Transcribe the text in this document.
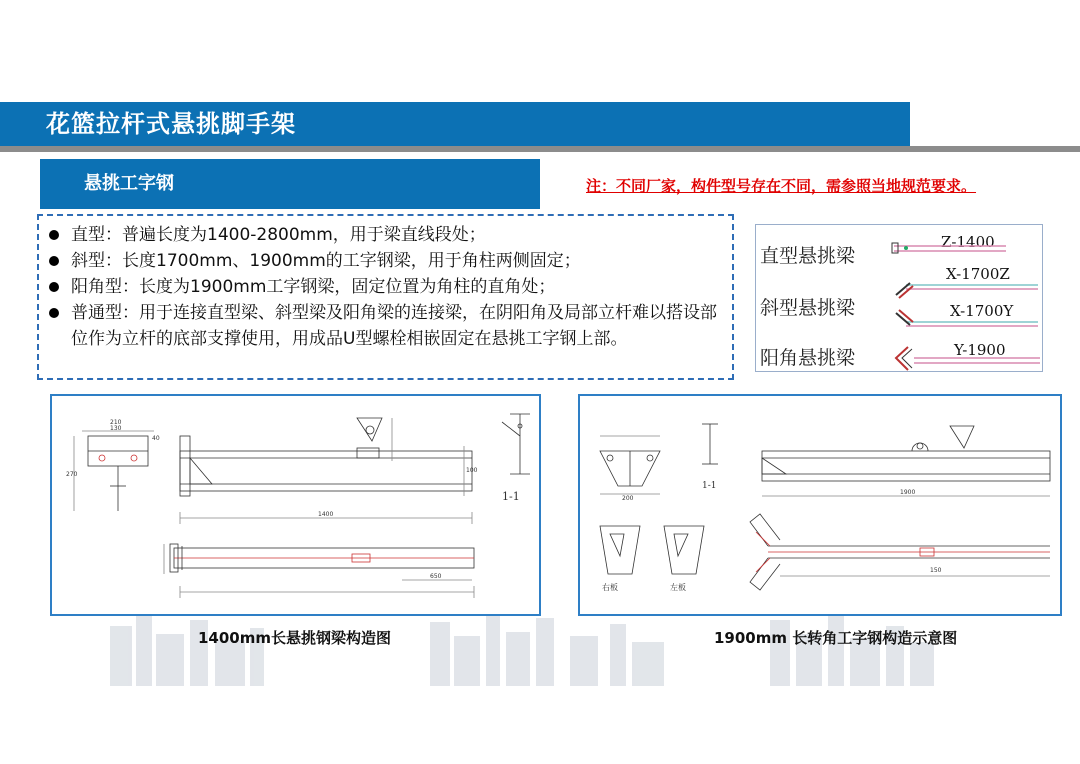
花篮拉杆式悬挑脚手架
悬挑工字钢	注：不同厂家，构件型号存在不同，需参照当地规范要求。
直型：普遍长度为1400-2800mm，用于梁直线段处；
斜型：长度1700mm、1900mm的工字钢梁，用于角柱两侧固定；
阳角型：长度为1900mm工字钢梁，固定位置为角柱的直角处；
普通型：用于连接直型梁、斜型梁及阳角梁的连接梁，在阴阳角及局部立杆难以搭设部位作为立杆的底部支撑使用，用成品U型螺栓相嵌固定在悬挑工字钢上部。
直型悬挑梁
斜型悬挑梁
阳角悬挑梁
Z-1400
X-1700Z
X-1700Y
Y-1900
210
130
40
270
1400
100
650
1-1	1900
200
150
1-1
右板	左板
1400mm长悬挑钢梁构造图	1900mm 长转角工字钢构造示意图
